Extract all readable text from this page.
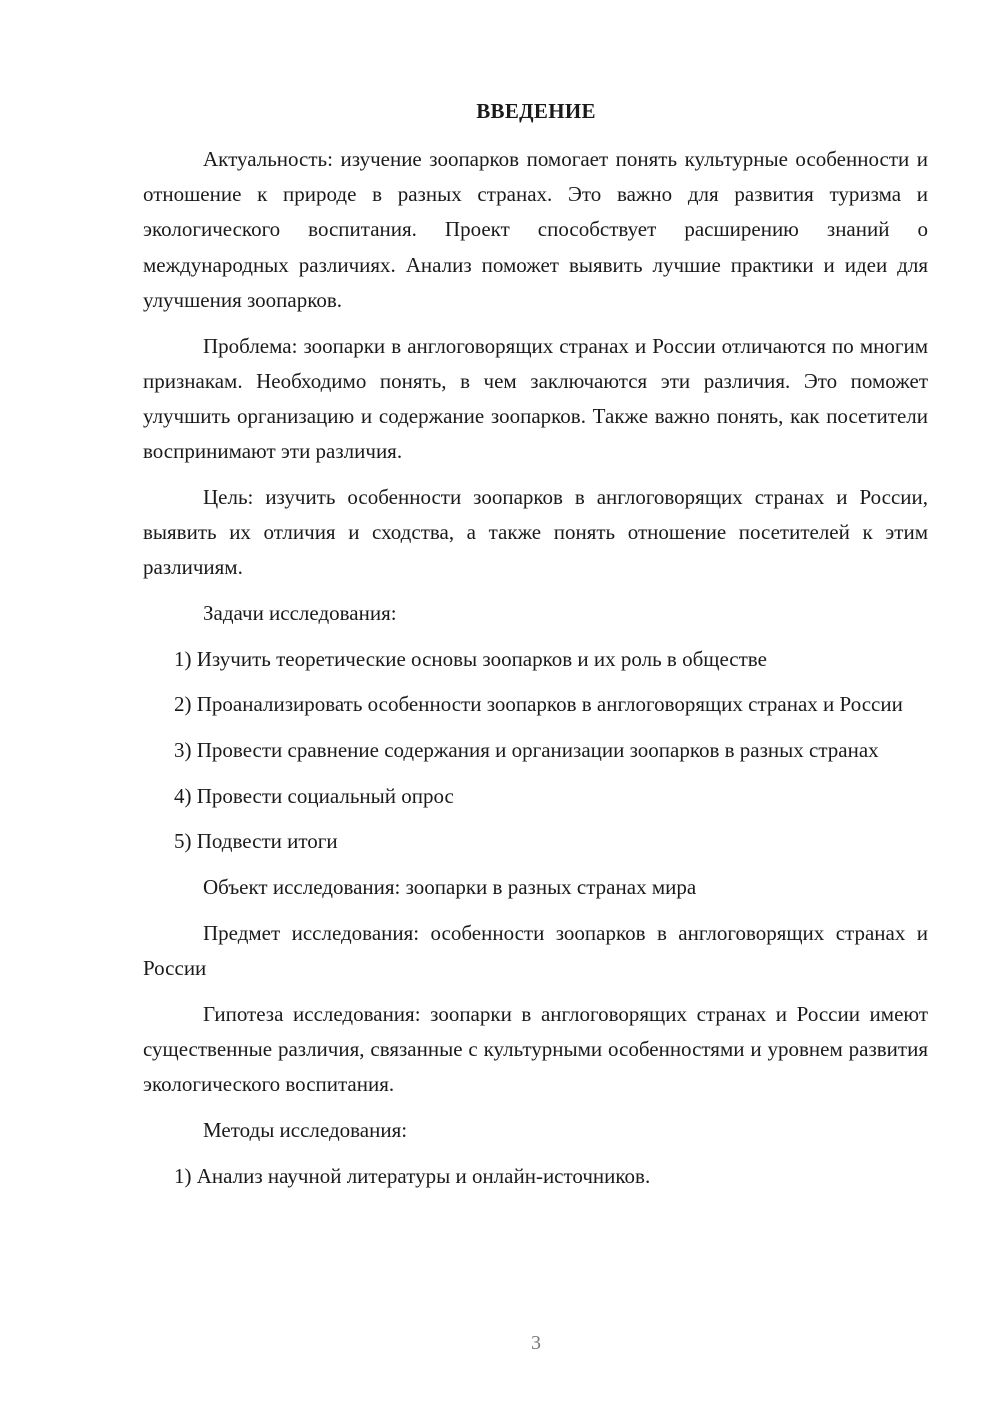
ВВЕДЕНИЕ

Актуальность: изучение зоопарков помогает понять культурные особенности и отношение к природе в разных странах. Это важно для развития туризма и экологического воспитания. Проект способствует расширению знаний о международных различиях. Анализ поможет выявить лучшие практики и идеи для улучшения зоопарков.

Проблема: зоопарки в англоговорящих странах и России отличаются по многим признакам. Необходимо понять, в чем заключаются эти различия. Это поможет улучшить организацию и содержание зоопарков. Также важно понять, как посетители воспринимают эти различия.

Цель: изучить особенности зоопарков в англоговорящих странах и России, выявить их отличия и сходства, а также понять отношение посетителей к этим различиям.

Задачи исследования:

1) Изучить теоретические основы зоопарков и их роль в обществе

2) Проанализировать особенности зоопарков в англоговорящих странах и России

3) Провести сравнение содержания и организации зоопарков в разных странах

4) Провести социальный опрос

5) Подвести итоги

Объект исследования: зоопарки в разных странах мира

Предмет исследования: особенности зоопарков в англоговорящих странах и России

Гипотеза исследования: зоопарки в англоговорящих странах и России имеют существенные различия, связанные с культурными особенностями и уровнем развития экологического воспитания.

Методы исследования:

1) Анализ научной литературы и онлайн-источников.

3
